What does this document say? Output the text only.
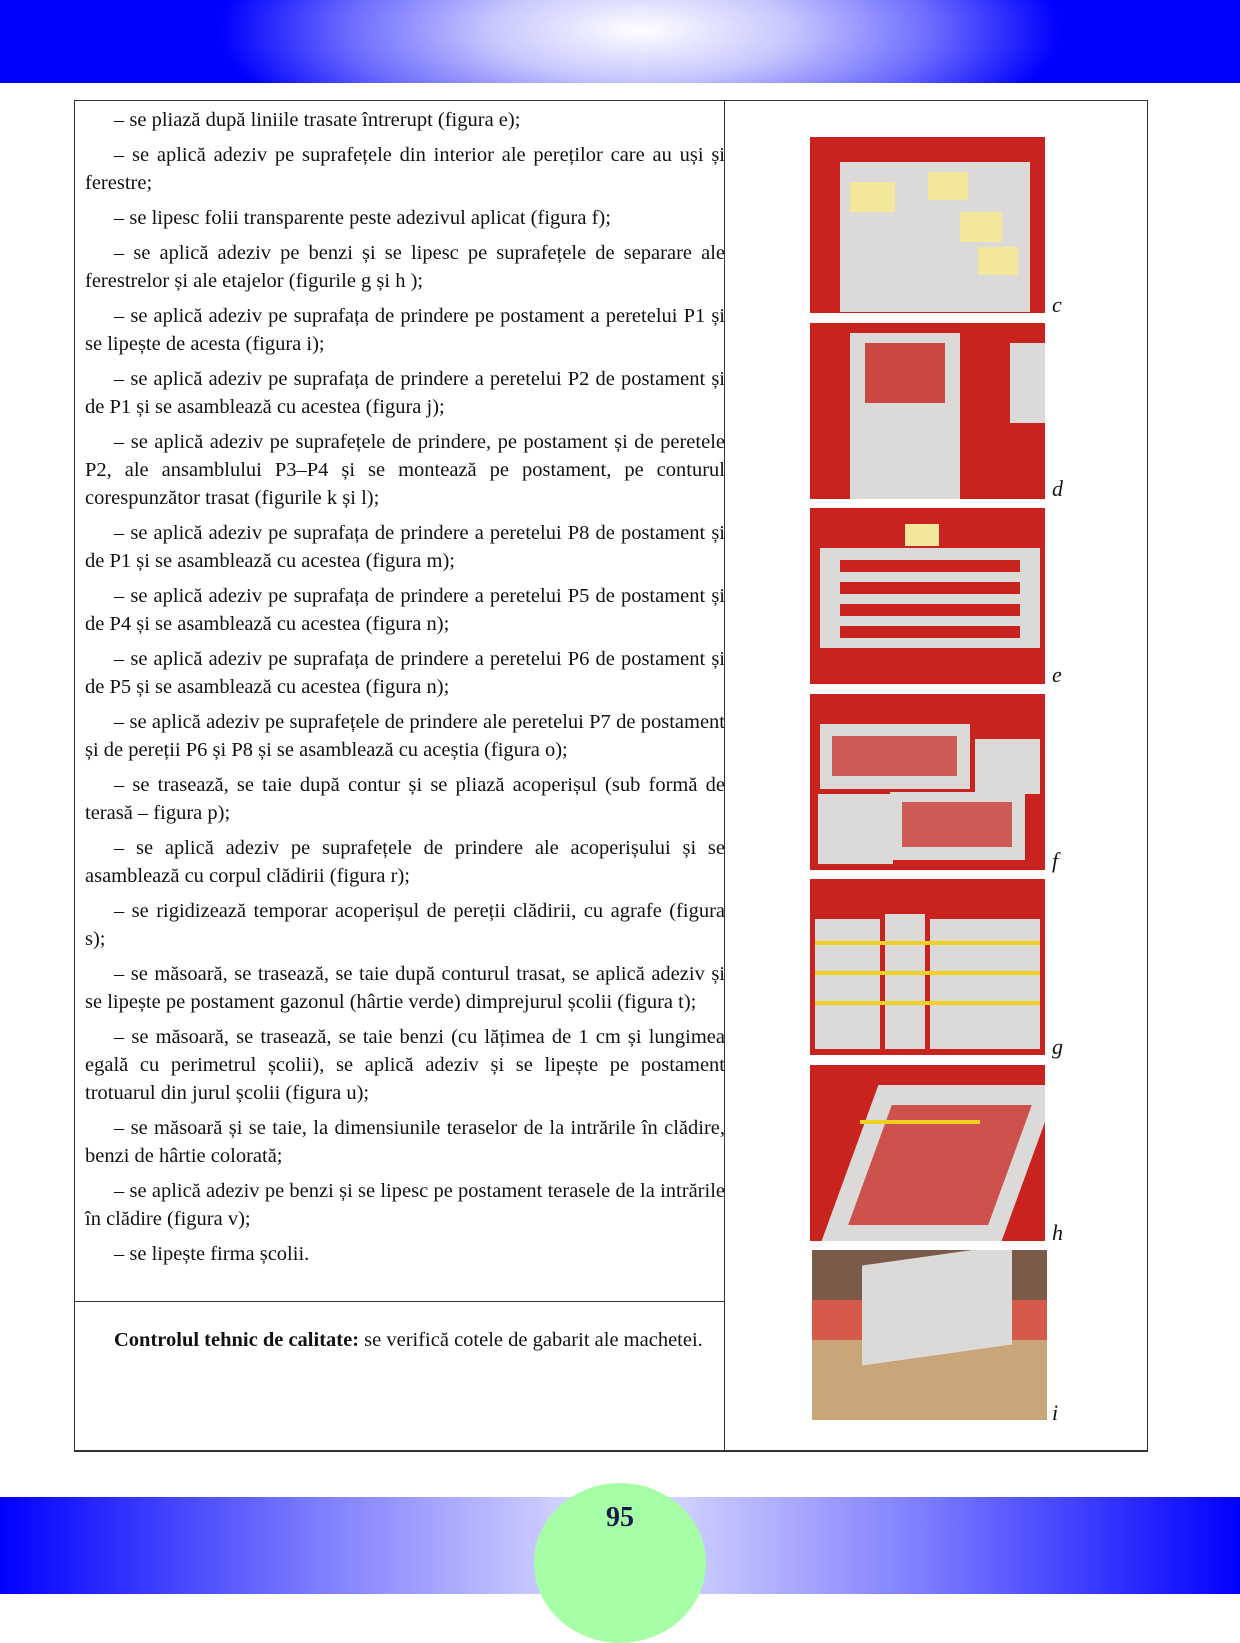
– se pliază după liniile trasate întrerupt (figura e);

– se aplică adeziv pe suprafețele din interior ale pereților care au uși și ferestre;

– se lipesc folii transparente peste adezivul aplicat (figura f);

– se aplică adeziv pe benzi și se lipesc pe suprafețele de separare ale ferestrelor și ale etajelor (figurile g și h );

– se aplică adeziv pe suprafața de prindere pe postament a peretelui P1 și se lipește de acesta (figura i);

– se aplică adeziv pe suprafața de prindere a peretelui P2 de postament și de P1 și se asamblează cu acestea (figura j);

– se aplică adeziv pe suprafețele de prindere, pe postament și de peretele P2, ale ansamblului P3–P4 și se montează pe postament, pe conturul corespunzător trasat (figurile k și l);

– se aplică adeziv pe suprafața de prindere a peretelui P8 de postament și de P1 și se asamblează cu acestea (figura m);

– se aplică adeziv pe suprafața de prindere a peretelui P5 de postament și de P4 și se asamblează cu acestea (figura n);

– se aplică adeziv pe suprafața de prindere a peretelui P6 de postament și de P5 și se asamblează cu acestea (figura n);

– se aplică adeziv pe suprafețele de prindere ale peretelui P7 de postament și de pereții P6 și P8 și se asamblează cu aceștia (figura o);

– se trasează, se taie după contur și se pliază acoperișul (sub formă de terasă – figura p);

– se aplică adeziv pe suprafețele de prindere ale acoperișului și se asamblează cu corpul clădirii (figura r);

– se rigidizează temporar acoperișul de pereții clădirii, cu agrafe (figura s);

– se măsoară, se trasează, se taie după conturul trasat, se aplică adeziv și se lipește pe postament gazonul (hârtie verde) dimprejurul școlii (figura t);

– se măsoară, se trasează, se taie benzi (cu lățimea de 1 cm și lungimea egală cu perimetrul școlii), se aplică adeziv și se lipește pe postament trotuarul din jurul școlii (figura u);

– se măsoară și se taie, la dimensiunile teraselor de la intrările în clădire, benzi de hârtie colorată;

– se aplică adeziv pe benzi și se lipesc pe postament terasele de la intrările în clădire (figura v);

– se lipește firma școlii.

Controlul tehnic de calitate: se verifică cotele de gabarit ale machetei.
c
d
e
f
g
h
i
95
